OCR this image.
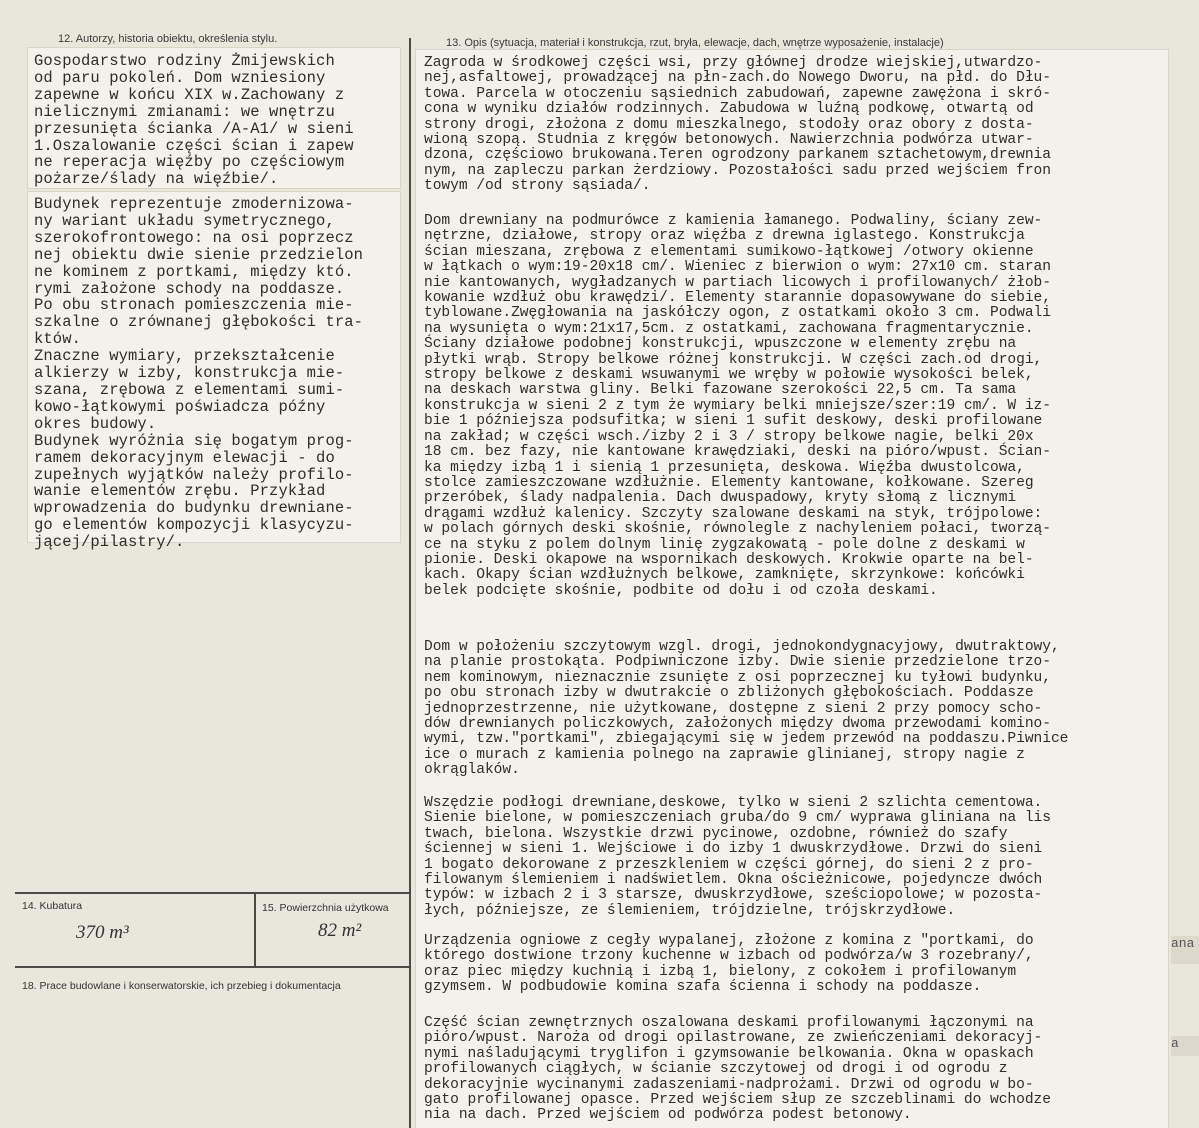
12. Autorzy, historia obiektu, określenia stylu.	13. Opis (sytuacja, materiał i konstrukcja, rzut, bryła, elewacje, dach, wnętrze wyposażenie, instalacje)
Gospodarstwo rodziny Żmijewskich
od paru pokoleń. Dom wzniesiony
zapewne w końcu XIX w.Zachowany z
nielicznymi zmianami: we wnętrzu
przesunięta ścianka /A-A1/ w sieni
1.Oszalowanie części ścian i zapew
ne reperacja więźby po częściowym
pożarze/ślady na więźbie/.
Budynek reprezentuje zmodernizowa-
ny wariant układu symetrycznego,
szerokofrontowego: na osi poprzecz
nej obiektu dwie sienie przedzielon
ne kominem z portkami, między któ.
rymi założone schody na poddasze.
Po obu stronach pomieszczenia mie-
szkalne o zrównanej głębokości tra-
któw.
Znaczne wymiary, przekształcenie
alkierzy w izby, konstrukcja mie-
szana, zrębowa z elementami sumi-
kowo-łątkowymi poświadcza późny
okres budowy.
Budynek wyróżnia się bogatym prog-
ramem dekoracyjnym elewacji - do
zupełnych wyjątków należy profilo-
wanie elementów zrębu. Przykład
wprowadzenia do budynku drewniane-
go elementów kompozycji klasycyzu-
jącej/pilastry/.
Zagroda w środkowej części wsi, przy głównej drodze wiejskiej,utwardzo-
nej,asfaltowej, prowadzącej na płn-zach.do Nowego Dworu, na płd. do Dłu-
towa. Parcela w otoczeniu sąsiednich zabudowań, zapewne zawężona i skró-
cona w wyniku działów rodzinnych. Zabudowa w luźną podkowę, otwartą od
strony drogi, złożona z domu mieszkalnego, stodoły oraz obory z dosta-
wioną szopą. Studnia z kręgów betonowych. Nawierzchnia podwórza utwar-
dzona, częściowo brukowana.Teren ogrodzony parkanem sztachetowym,drewnia
nym, na zapleczu parkan żerdziowy. Pozostałości sadu przed wejściem fron
towym /od strony sąsiada/.
Dom drewniany na podmurówce z kamienia łamanego. Podwaliny, ściany zew-
nętrzne, działowe, stropy oraz więźba z drewna iglastego. Konstrukcja
ścian mieszana, zrębowa z elementami sumikowo-łątkowej /otwory okienne
w łątkach o wym:19-20x18 cm/. Wieniec z bierwion o wym: 27x10 cm. staran
nie kantowanych, wygładzanych w partiach licowych i profilowanych/ żłob-
kowanie wzdłuż obu krawędzi/. Elementy starannie dopasowywane do siebie,
tyblowane.Zwęgłowania na jaskółczy ogon, z ostatkami około 3 cm. Podwali
na wysunięta o wym:21x17,5cm. z ostatkami, zachowana fragmentarycznie.
Ściany działowe podobnej konstrukcji, wpuszczone w elementy zrębu na
płytki wrąb. Stropy belkowe różnej konstrukcji. W części zach.od drogi,
stropy belkowe z deskami wsuwanymi we wręby w połowie wysokości belek,
na deskach warstwa gliny. Belki fazowane szerokości 22,5 cm. Ta sama
konstrukcja w sieni 2 z tym że wymiary belki mniejsze/szer:19 cm/. W iz-
bie 1 późniejsza podsufitka; w sieni 1 sufit deskowy, deski profilowane
na zakład; w części wsch./izby 2 i 3 / stropy belkowe nagie, belki 20x
18 cm. bez fazy, nie kantowane krawędziaki, deski na pióro/wpust. Ścian-
ka między izbą 1 i sienią 1 przesunięta, deskowa. Więźba dwustolcowa,
stolce zamieszczowane wzdłużnie. Elementy kantowane, kołkowane. Szereg
przeróbek, ślady nadpalenia. Dach dwuspadowy, kryty słomą z licznymi
drągami wzdłuż kalenicy. Szczyty szalowane deskami na styk, trójpolowe:
w polach górnych deski skośnie, równolegle z nachyleniem połaci, tworzą-
ce na styku z polem dolnym linię zygzakowatą - pole dolne z deskami w
pionie. Deski okapowe na wspornikach deskowych. Krokwie oparte na bel-
kach. Okapy ścian wzdłużnych belkowe, zamknięte, skrzynkowe: końcówki
belek podcięte skośnie, podbite od dołu i od czoła deskami.
Dom w położeniu szczytowym wzgl. drogi, jednokondygnacyjowy, dwutraktowy,
na planie prostokąta. Podpiwniczone izby. Dwie sienie przedzielone trzo-
nem kominowym, nieznacznie zsunięte z osi poprzecznej ku tyłowi budynku,
po obu stronach izby w dwutrakcie o zbliżonych głębokościach. Poddasze
jednoprzestrzenne, nie użytkowane, dostępne z sieni 2 przy pomocy scho-
dów drewnianych policzkowych, założonych między dwoma przewodami komino-
wymi, tzw."portkami", zbiegającymi się w jedem przewód na poddaszu.Piwnice
ice o murach z kamienia polnego na zaprawie glinianej, stropy nagie z
okrąglaków.
Wszędzie podłogi drewniane,deskowe, tylko w sieni 2 szlichta cementowa.
Sienie bielone, w pomieszczeniach gruba/do 9 cm/ wyprawa gliniana na lis
twach, bielona. Wszystkie drzwi pycinowe, ozdobne, również do szafy
ściennej w sieni 1. Wejściowe i do izby 1 dwuskrzydłowe. Drzwi do sieni
1 bogato dekorowane z przeszkleniem w części górnej, do sieni 2 z pro-
filowanym ślemieniem i nadświetlem. Okna ościeżnicowe, pojedyncze dwóch
typów: w izbach 2 i 3 starsze, dwuskrzydłowe, sześciopolowe; w pozosta-
łych, późniejsze, ze ślemieniem, trójdzielne, trójskrzydłowe.
Urządzenia ogniowe z cegły wypalanej, złożone z komina z "portkami, do
którego dostwione trzony kuchenne w izbach od podwórza/w 3 rozebrany/,
oraz piec między kuchnią i izbą 1, bielony, z cokołem i profilowanym
gzymsem. W podbudowie komina szafa ścienna i schody na poddasze.
Część ścian zewnętrznych oszalowana deskami profilowanymi łączonymi na
pióro/wpust. Naroża od drogi opilastrowane, ze zwieńczeniami dekoracyj-
nymi naśladującymi tryglifon i gzymsowanie belkowania. Okna w opaskach
profilowanych ciągłych, w ścianie szczytowej od drogi i od ogrodu z
dekoracyjnie wycinanymi zadaszeniami-nadprożami. Drzwi od ogrodu w bo-
gato profilowanej opasce. Przed wejściem słup ze szczeblinami do wchodze
nia na dach. Przed wejściem od podwórza podest betonowy.
14. Kubatura	15. Powierzchnia użytkowa
370 m³	82 m²
18. Prace budowlane i konserwatorskie, ich przebieg i dokumentacja
ana
a
